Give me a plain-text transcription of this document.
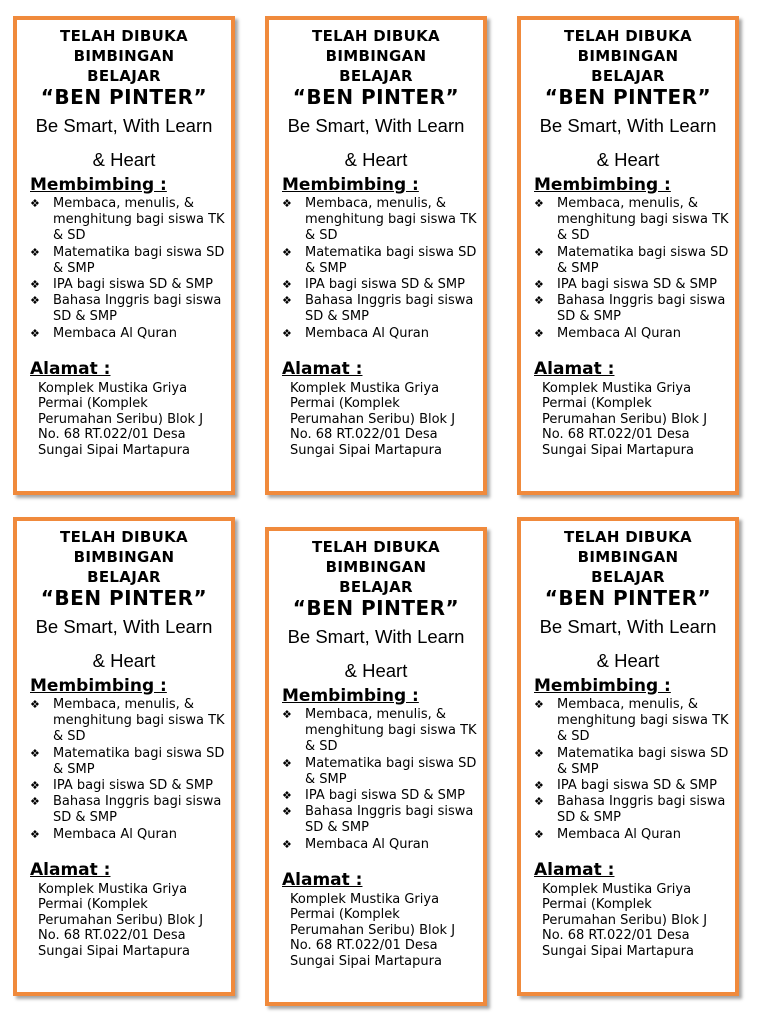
TELAH DIBUKA
BIMBINGAN
BELAJAR
“BEN PINTER”
Be Smart, With Learn
& Heart
Membimbing :
❖ Membaca, menulis, & menghitung bagi siswa TK & SD
❖ Matematika bagi siswa SD & SMP
❖ IPA bagi siswa SD & SMP
❖ Bahasa Inggris bagi siswa SD & SMP
❖ Membaca Al Quran
Alamat :
Komplek Mustika Griya Permai (Komplek Perumahan Seribu) Blok J No. 68 RT.022/01 Desa Sungai Sipai Martapura
TELAH DIBUKA
BIMBINGAN
BELAJAR
“BEN PINTER”
Be Smart, With Learn
& Heart
Membimbing :
❖ Membaca, menulis, & menghitung bagi siswa TK & SD
❖ Matematika bagi siswa SD & SMP
❖ IPA bagi siswa SD & SMP
❖ Bahasa Inggris bagi siswa SD & SMP
❖ Membaca Al Quran
Alamat :
Komplek Mustika Griya Permai (Komplek Perumahan Seribu) Blok J No. 68 RT.022/01 Desa Sungai Sipai Martapura
TELAH DIBUKA
BIMBINGAN
BELAJAR
“BEN PINTER”
Be Smart, With Learn
& Heart
Membimbing :
❖ Membaca, menulis, & menghitung bagi siswa TK & SD
❖ Matematika bagi siswa SD & SMP
❖ IPA bagi siswa SD & SMP
❖ Bahasa Inggris bagi siswa SD & SMP
❖ Membaca Al Quran
Alamat :
Komplek Mustika Griya Permai (Komplek Perumahan Seribu) Blok J No. 68 RT.022/01 Desa Sungai Sipai Martapura
TELAH DIBUKA
BIMBINGAN
BELAJAR
“BEN PINTER”
Be Smart, With Learn
& Heart
Membimbing :
❖ Membaca, menulis, & menghitung bagi siswa TK & SD
❖ Matematika bagi siswa SD & SMP
❖ IPA bagi siswa SD & SMP
❖ Bahasa Inggris bagi siswa SD & SMP
❖ Membaca Al Quran
Alamat :
Komplek Mustika Griya Permai (Komplek Perumahan Seribu) Blok J No. 68 RT.022/01 Desa Sungai Sipai Martapura
TELAH DIBUKA
BIMBINGAN
BELAJAR
“BEN PINTER”
Be Smart, With Learn
& Heart
Membimbing :
❖ Membaca, menulis, & menghitung bagi siswa TK & SD
❖ Matematika bagi siswa SD & SMP
❖ IPA bagi siswa SD & SMP
❖ Bahasa Inggris bagi siswa SD & SMP
❖ Membaca Al Quran
Alamat :
Komplek Mustika Griya Permai (Komplek Perumahan Seribu) Blok J No. 68 RT.022/01 Desa Sungai Sipai Martapura
TELAH DIBUKA
BIMBINGAN
BELAJAR
“BEN PINTER”
Be Smart, With Learn
& Heart
Membimbing :
❖ Membaca, menulis, & menghitung bagi siswa TK & SD
❖ Matematika bagi siswa SD & SMP
❖ IPA bagi siswa SD & SMP
❖ Bahasa Inggris bagi siswa SD & SMP
❖ Membaca Al Quran
Alamat :
Komplek Mustika Griya Permai (Komplek Perumahan Seribu) Blok J No. 68 RT.022/01 Desa Sungai Sipai Martapura
